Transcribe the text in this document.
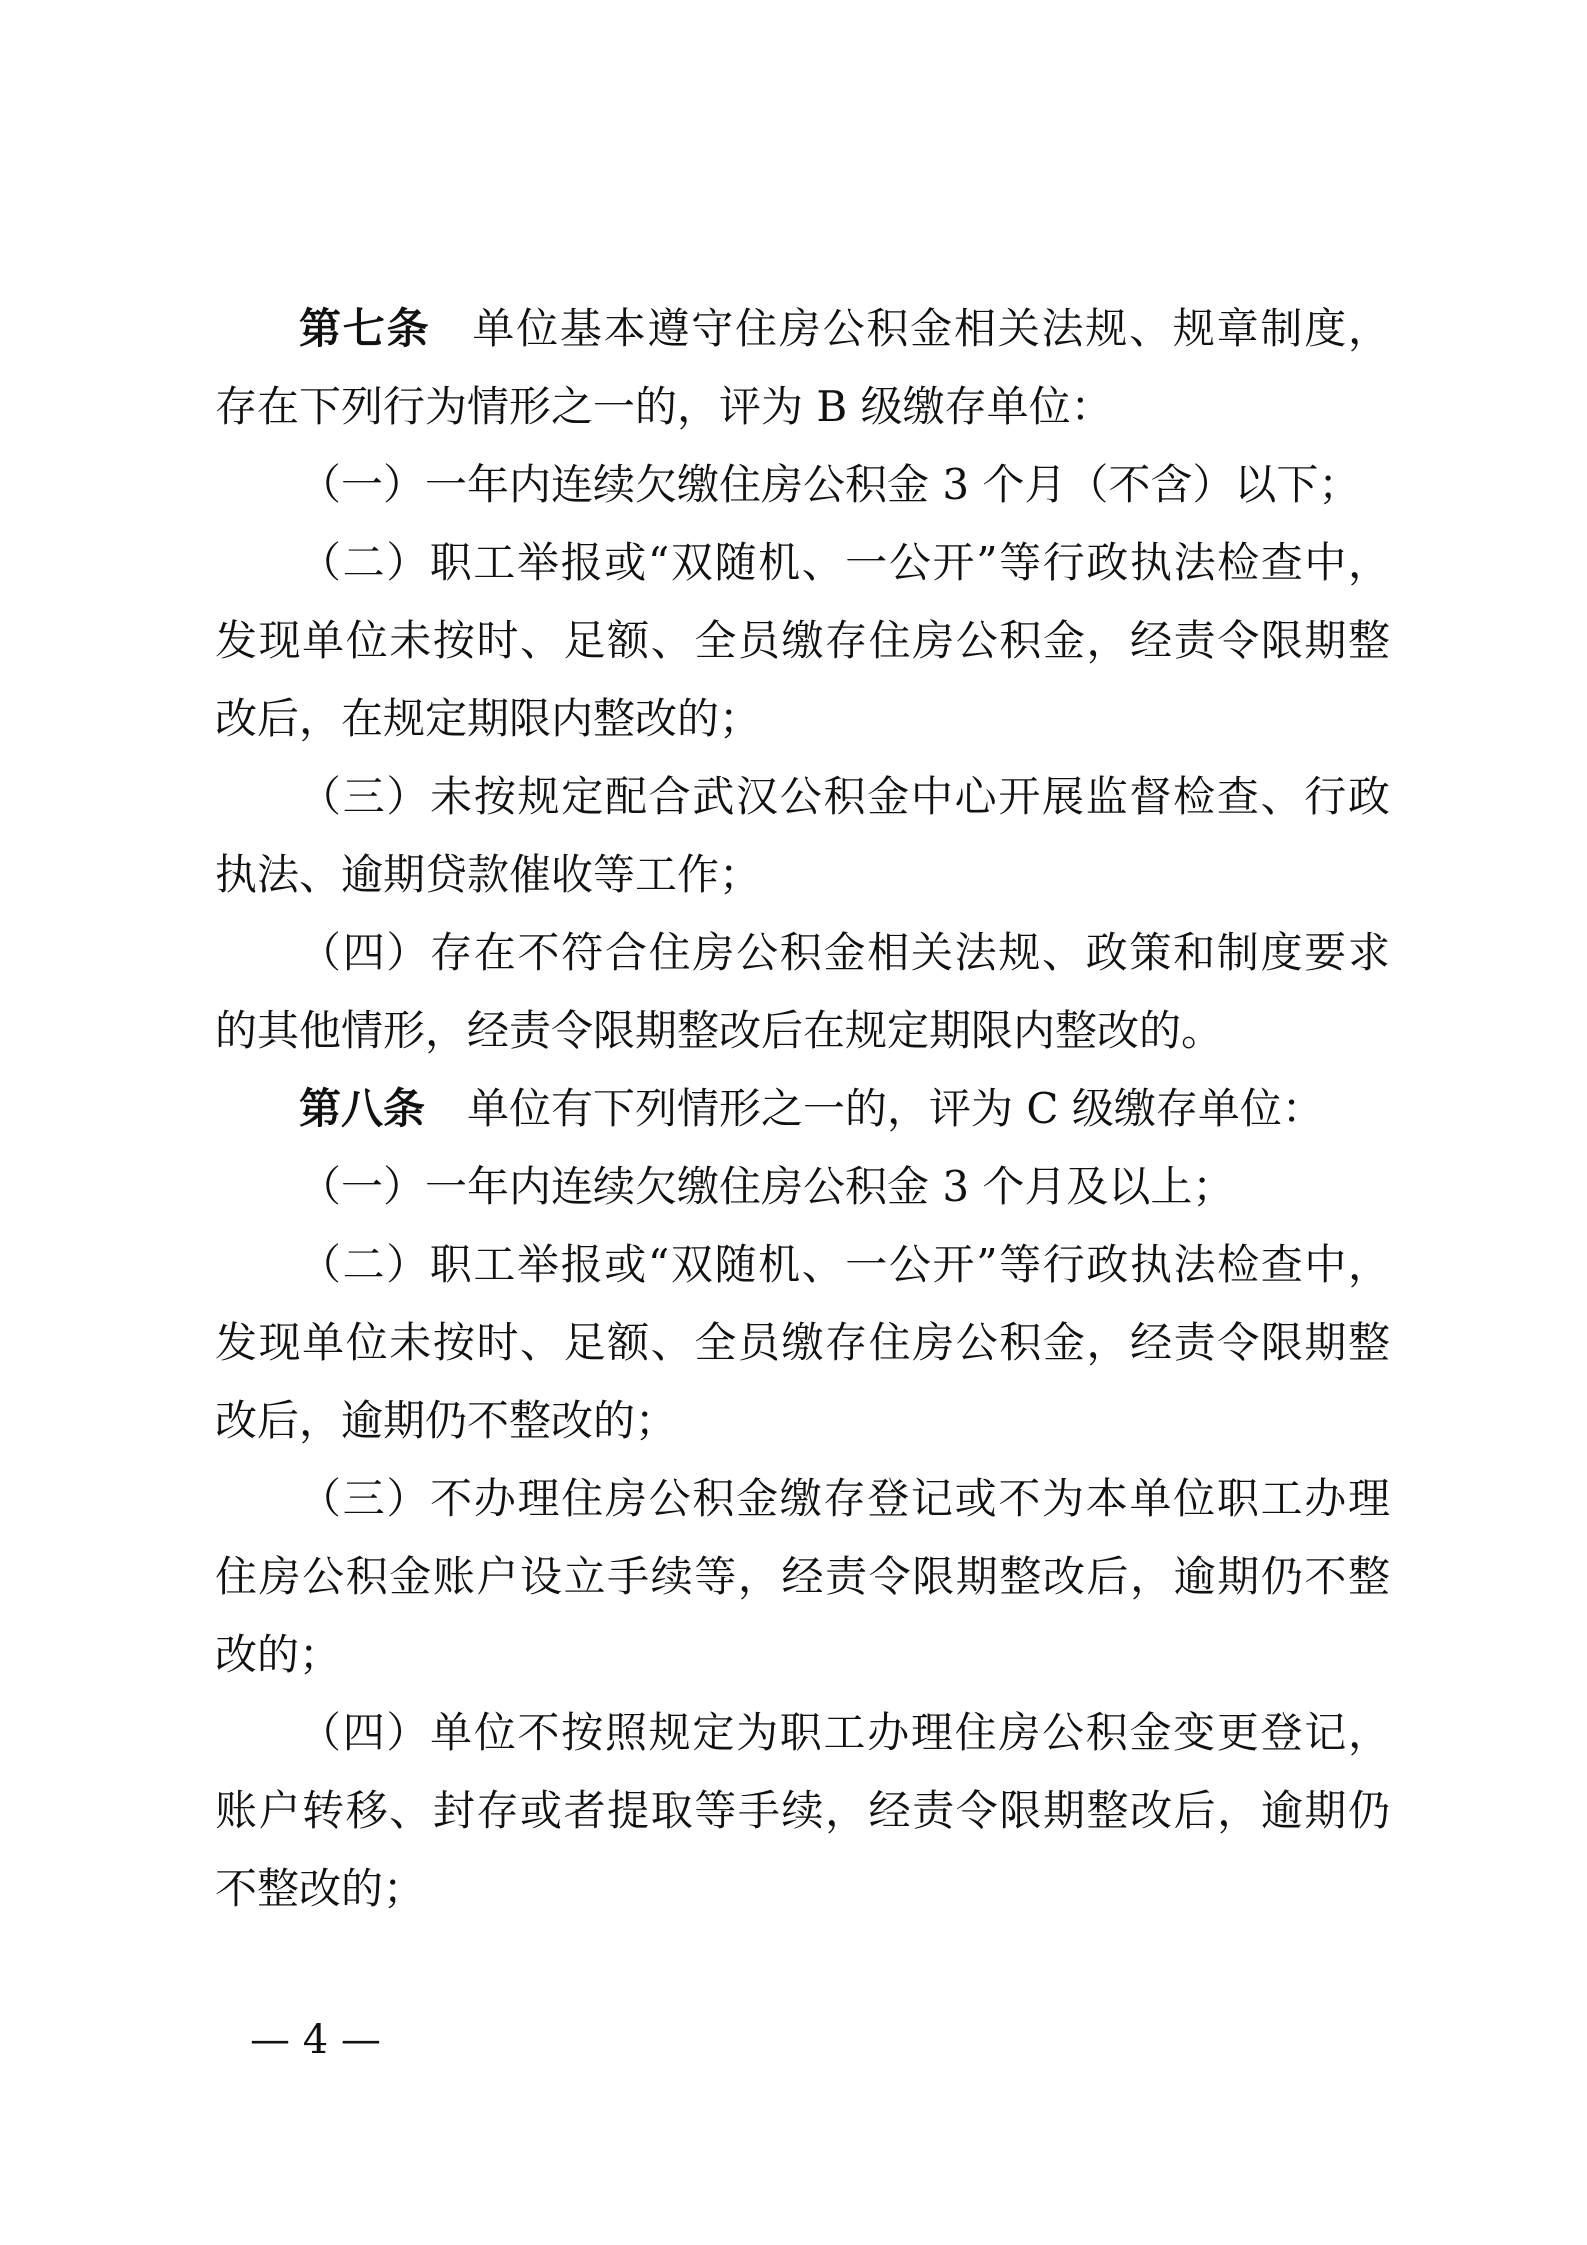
第七条 单位基本遵守住房公积金相关法规、规章制度，
存在下列行为情形之一的，评为 B 级缴存单位：
（一）一年内连续欠缴住房公积金 3 个月（不含）以下；
（二）职工举报或“双随机、一公开”等行政执法检查中，
发现单位未按时、足额、全员缴存住房公积金，经责令限期整
改后，在规定期限内整改的；
（三）未按规定配合武汉公积金中心开展监督检查、行政
执法、逾期贷款催收等工作；
（四）存在不符合住房公积金相关法规、政策和制度要求
的其他情形，经责令限期整改后在规定期限内整改的。
第八条 单位有下列情形之一的，评为 C 级缴存单位：
（一）一年内连续欠缴住房公积金 3 个月及以上；
（二）职工举报或“双随机、一公开”等行政执法检查中，
发现单位未按时、足额、全员缴存住房公积金，经责令限期整
改后，逾期仍不整改的；
（三）不办理住房公积金缴存登记或不为本单位职工办理
住房公积金账户设立手续等，经责令限期整改后，逾期仍不整
改的；
（四）单位不按照规定为职工办理住房公积金变更登记，
账户转移、封存或者提取等手续，经责令限期整改后，逾期仍
不整改的；
— 4 —
